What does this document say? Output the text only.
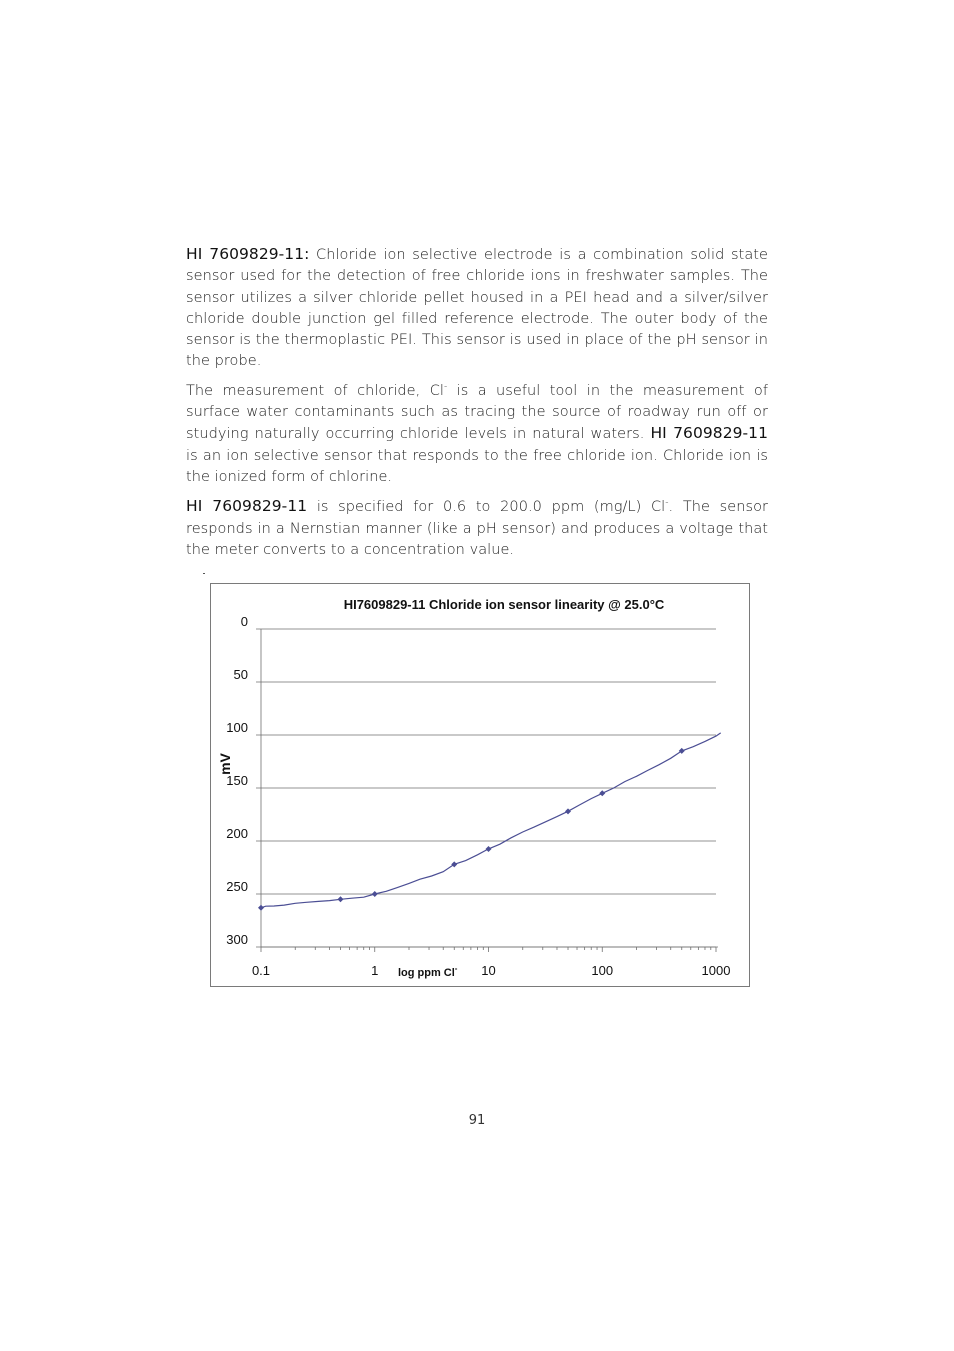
HI 7609829-11: Chloride ion selective electrode is a combination solid state sensor used for the detection of free chloride ions in freshwater samples. The sensor utilizes a silver chloride pellet housed in a PEI head and a silver/silver chloride double junction gel filled reference electrode. The outer body of the sensor is the thermoplastic PEI. This sensor is used in place of the pH sensor in the probe.

The measurement of chloride, Cl- is a useful tool in the measurement of surface water contaminants such as tracing the source of roadway run off or studying naturally occurring chloride levels in natural waters. HI 7609829-11 is an ion selective sensor that responds to the free chloride ion. Chloride ion is the ionized form of chlorine.

HI 7609829-11 is specified for 0.6 to 200.0 ppm (mg/L) Cl-. The sensor responds in a Nernstian manner (like a pH sensor) and produces a voltage that the meter converts to a concentration value.

HI7609829-11 Chloride ion sensor linearity @ 25.0°C
0
50
100
150
200
250
300
0.1	1	10	100	1000
mV
log ppm Cl-
91
